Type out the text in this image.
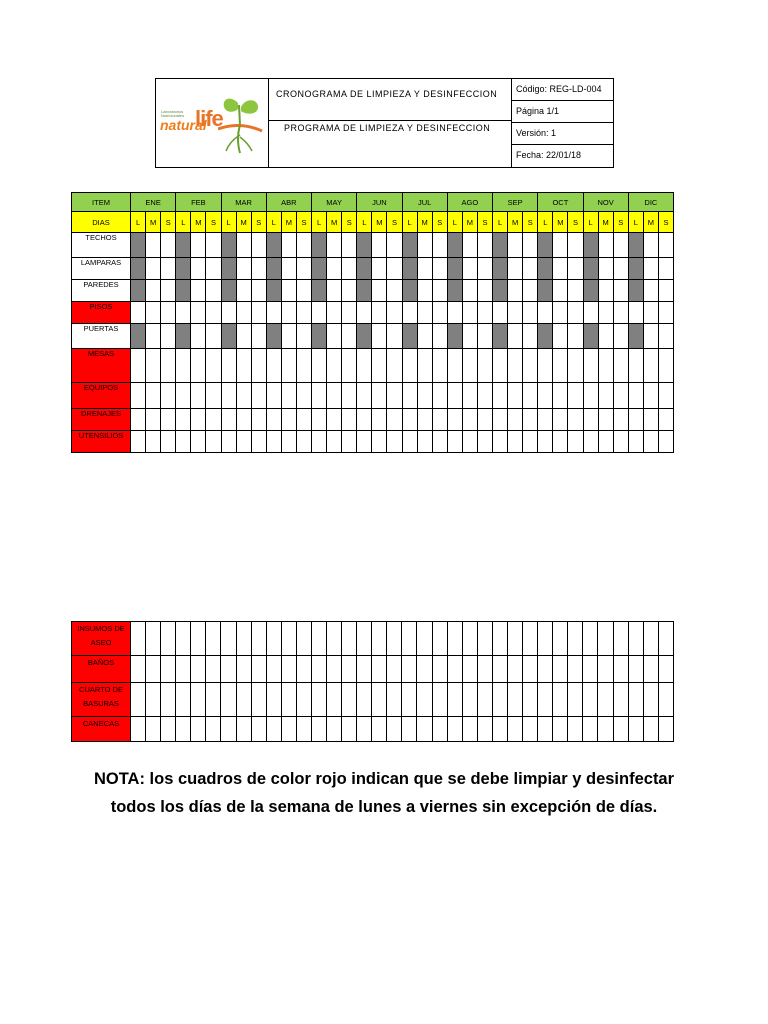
Laboratorios Nutricionales
natural
life
CRONOGRAMA DE LIMPIEZA Y DESINFECCION
PROGRAMA DE LIMPIEZA Y DESINFECCION
Código: REG-LD-004
Página 1/1
Versión: 1
Fecha: 22/01/18
ITEM	ENE			FEB			MAR			ABR			MAY			JUN			JUL			AGO			SEP			OCT			NOV			DIC		
DIAS	L	M	S	L	M	S	L	M	S	L	M	S	L	M	S	L	M	S	L	M	S	L	M	S	L	M	S	L	M	S	L	M	S	L	M	S
TECHOS																																				
LAMPARAS																																				
PAREDES																																				
PISOS																																				
PUERTAS																																				
MESAS																																				
EQUIPOS																																				
DRENAJES																																				
UTENSILIOS																																				
INSUMOS DE ASEO																																				
BAÑOS																																				
CUARTO DE BASURAS																																				
CANECAS																																				
NOTA: los cuadros de color rojo indican que se debe limpiar y desinfectar todos los días de la semana de lunes a viernes sin excepción de días.
